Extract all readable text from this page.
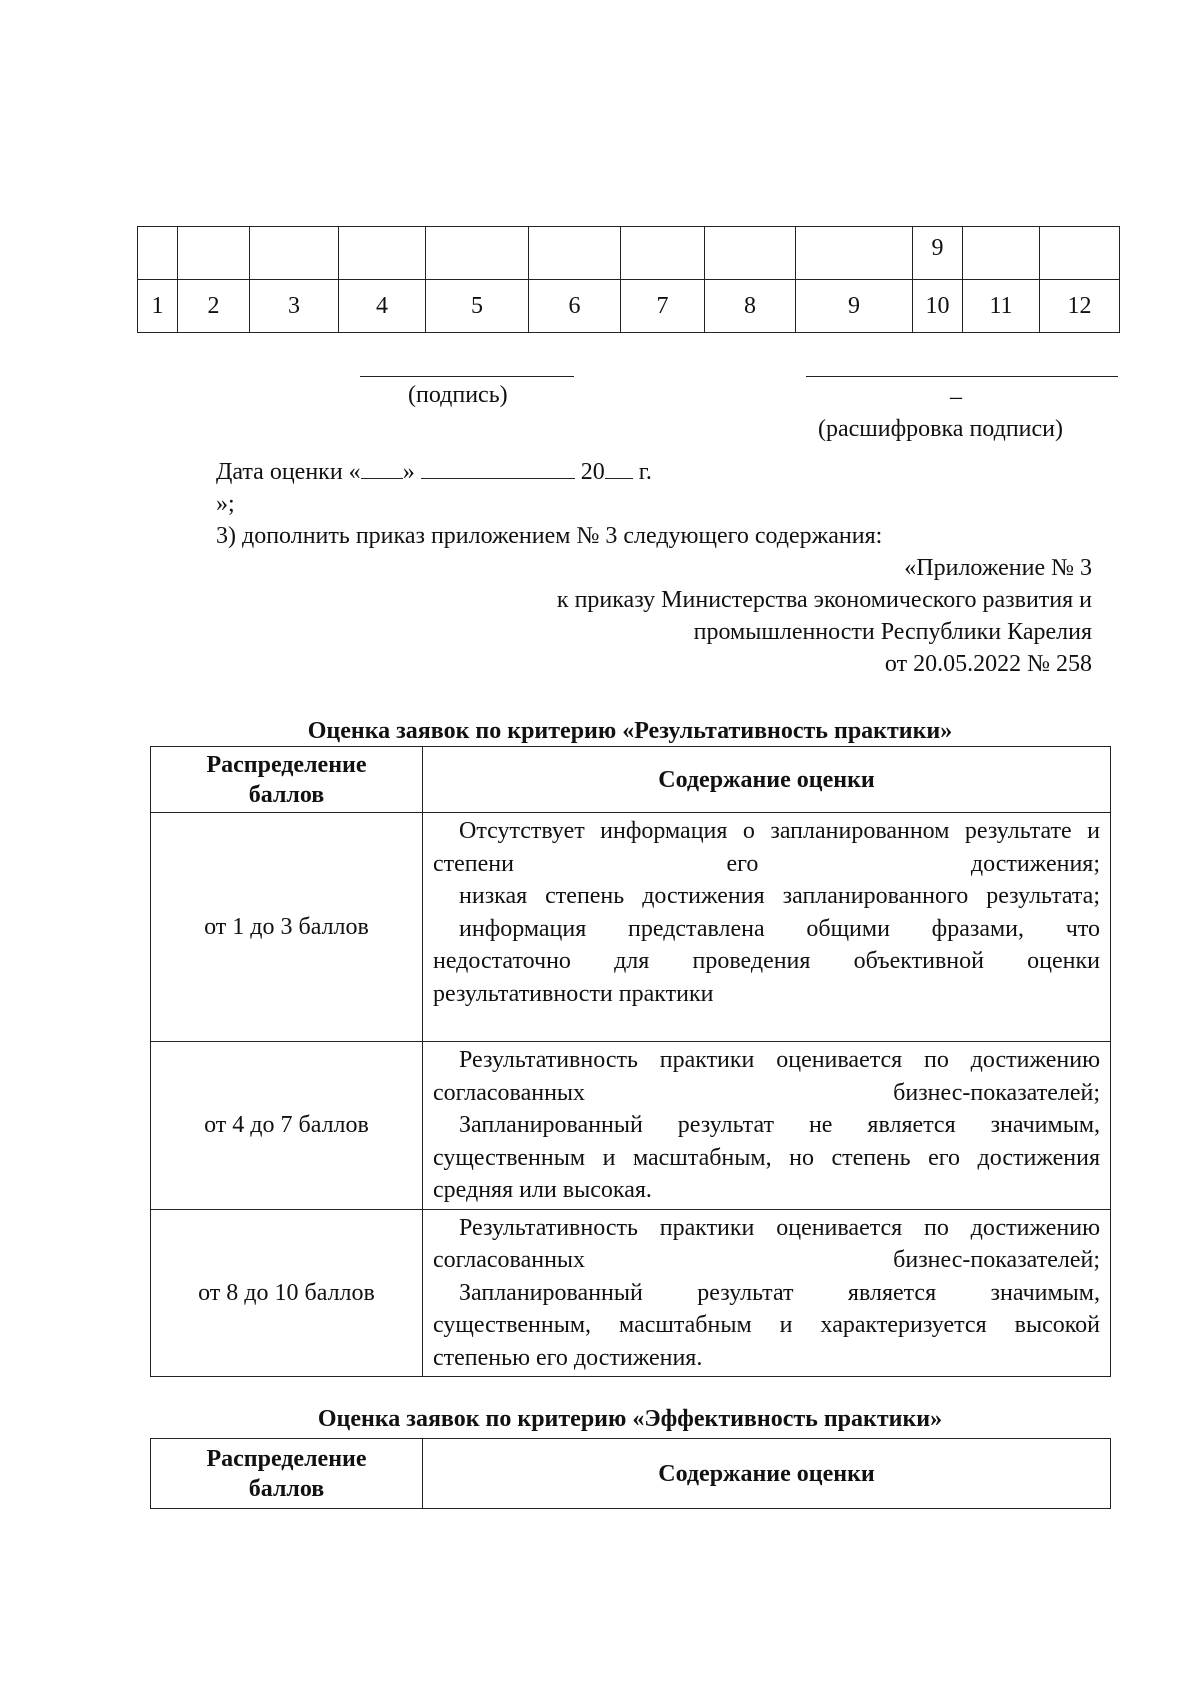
									9		
1	2	3	4	5	6	7	8	9	10	11	12
(подпись)	_
(расшифровка подписи)
Дата оценки « »	20 г.
»;
3) дополнить приказ приложением № 3 следующего содержания:
«Приложение № 3
к приказу Министерства экономического развития и
промышленности Республики Карелия
от 20.05.2022 № 258
Оценка заявок по критерию «Результативность практики»
Распределение
баллов	Содержание оценки
от 1 до 3 баллов	Отсутствует информация о запланированном результате и степени его достижения;
низкая степень достижения запланированного результата;
информация представлена общими фразами, что недостаточно для проведения объективной оценки результативности практики

от 4 до 7 баллов	Результативность практики оценивается по достижению согласованных бизнес-показателей;
Запланированный результат не является значимым, существенным и масштабным, но степень его достижения средняя или высокая.

от 8 до 10 баллов	Результативность практики оценивается по достижению согласованных бизнес-показателей;
Запланированный результат является значимым, существенным, масштабным и характеризуется высокой степенью его достижения.
Оценка заявок по критерию «Эффективность практики»
Распределение
баллов
	Содержание оценки
